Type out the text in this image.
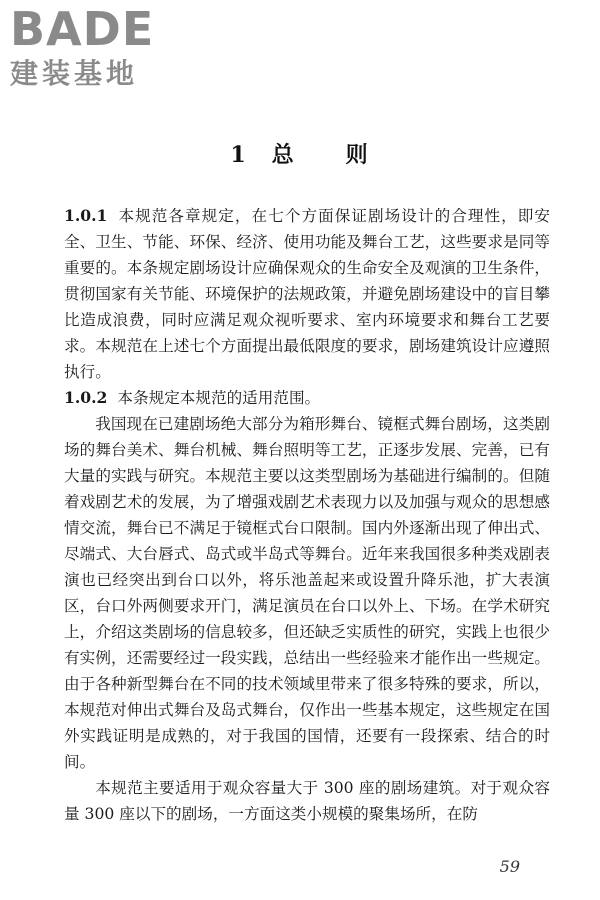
BADE
建装基地
1 总 则

1.0.1 本规范各章规定，在七个方面保证剧场设计的合理性，即安全、卫生、节能、环保、经济、使用功能及舞台工艺，这些要求是同等重要的。本条规定剧场设计应确保观众的生命安全及观演的卫生条件，贯彻国家有关节能、环境保护的法规政策，并避免剧场建设中的盲目攀比造成浪费，同时应满足观众视听要求、室内环境要求和舞台工艺要求。本规范在上述七个方面提出最低限度的要求，剧场建筑设计应遵照执行。

1.0.2 本条规定本规范的适用范围。

我国现在已建剧场绝大部分为箱形舞台、镜框式舞台剧场，这类剧场的舞台美术、舞台机械、舞台照明等工艺，正逐步发展、完善，已有大量的实践与研究。本规范主要以这类型剧场为基础进行编制的。但随着戏剧艺术的发展，为了增强戏剧艺术表现力以及加强与观众的思想感情交流，舞台已不满足于镜框式台口限制。国内外逐渐出现了伸出式、尽端式、大台唇式、岛式或半岛式等舞台。近年来我国很多种类戏剧表演也已经突出到台口以外，将乐池盖起来或设置升降乐池，扩大表演区，台口外两侧要求开门，满足演员在台口以外上、下场。在学术研究上，介绍这类剧场的信息较多，但还缺乏实质性的研究，实践上也很少有实例，还需要经过一段实践，总结出一些经验来才能作出一些规定。由于各种新型舞台在不同的技术领域里带来了很多特殊的要求，所以，本规范对伸出式舞台及岛式舞台，仅作出一些基本规定，这些规定在国外实践证明是成熟的，对于我国的国情，还要有一段探索、结合的时间。

本规范主要适用于观众容量大于 300 座的剧场建筑。对于观众容量 300 座以下的剧场，一方面这类小规模的聚集场所，在防

59
